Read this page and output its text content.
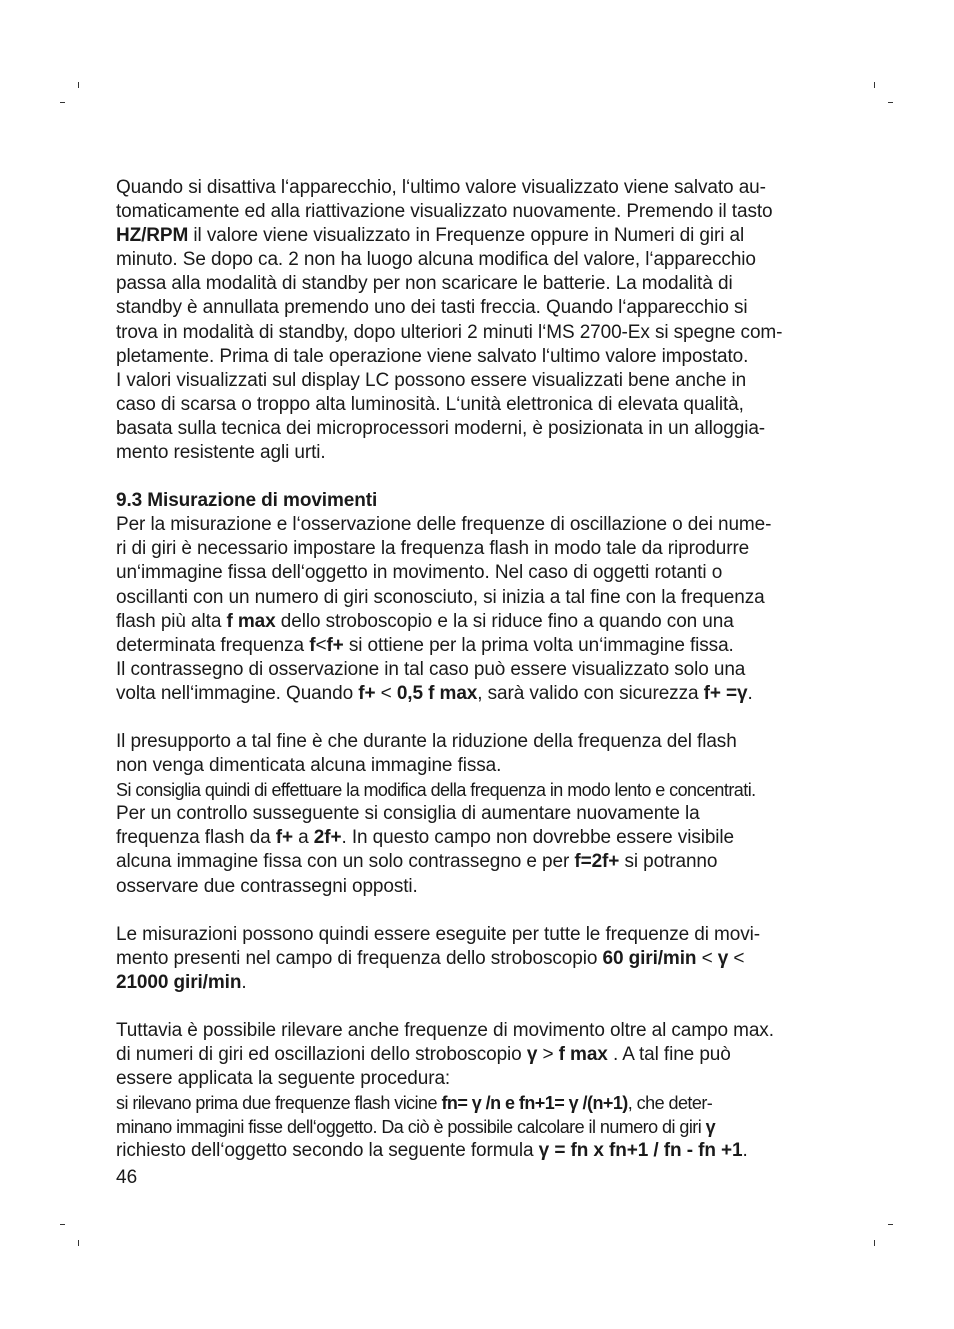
Quando si disattiva l‘apparecchio, l‘ultimo valore visualizzato viene salvato au-

tomaticamente ed alla riattivazione visualizzato nuovamente. Premendo il tasto

HZ/RPM il valore viene visualizzato in Frequenze oppure in Numeri di giri al

minuto. Se dopo ca. 2 non ha luogo alcuna modifica del valore, l‘apparecchio

passa alla modalità di standby per non scaricare le batterie. La modalità di

standby è annullata premendo uno dei tasti freccia. Quando l‘apparecchio si

trova in modalità di standby, dopo ulteriori 2 minuti l‘MS 2700-Ex si spegne com-

pletamente. Prima di tale operazione viene salvato l‘ultimo valore impostato.

I valori visualizzati sul display LC possono essere visualizzati bene anche in

caso di scarsa o troppo alta luminosità. L‘unità elettronica di elevata qualità,

basata sulla tecnica dei microprocessori moderni, è posizionata in un alloggia-

mento resistente agli urti.

9.3 Misurazione di movimenti

Per la misurazione e l‘osservazione delle frequenze di oscillazione o dei nume-

ri di giri è necessario impostare la frequenza flash in modo tale da riprodurre

un‘immagine fissa dell‘oggetto in movimento. Nel caso di oggetti rotanti o

oscillanti con un numero di giri sconosciuto, si inizia a tal fine con la frequenza

flash più alta f max dello stroboscopio e la si riduce fino a quando con una

determinata frequenza f<f+ si ottiene per la prima volta un‘immagine fissa.

Il contrassegno di osservazione in tal caso può essere visualizzato solo una

volta nell‘immagine. Quando f+ < 0,5 f max, sarà valido con sicurezza f+ =γ.

Il presupporto a tal fine è che durante la riduzione della frequenza del flash

non venga dimenticata alcuna immagine fissa.

Si consiglia quindi di effettuare la modifica della frequenza in modo lento e concentrati.

Per un controllo susseguente si consiglia di aumentare nuovamente la

frequenza flash da f+ a 2f+. In questo campo non dovrebbe essere visibile

alcuna immagine fissa con un solo contrassegno e per f=2f+ si potranno

osservare due contrassegni opposti.

Le misurazioni possono quindi essere eseguite per tutte le frequenze di movi-

mento presenti nel campo di frequenza dello stroboscopio 60 giri/min < γ <

21000 giri/min.

Tuttavia è possibile rilevare anche frequenze di movimento oltre al campo max.

di numeri di giri ed oscillazioni dello stroboscopio γ > f max . A tal fine può

essere applicata la seguente procedura:

si rilevano prima due frequenze flash vicine fn= γ /n e fn+1= γ /(n+1), che deter-

minano immagini fisse dell‘oggetto. Da ciò è possibile calcolare il numero di giri γ

richiesto dell‘oggetto secondo la seguente formula γ = fn x fn+1 / fn - fn +1.

46
